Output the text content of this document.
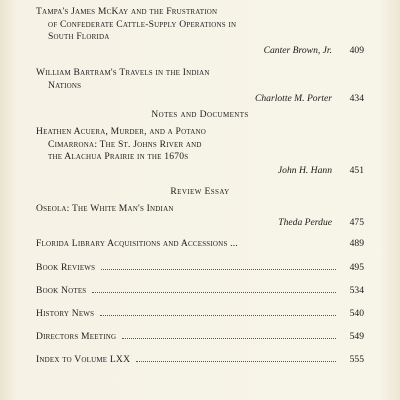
Tampa's James McKay and the Frustration
of Confederate Cattle-Supply Operations in
South Florida
Canter Brown, Jr. 409
William Bartram's Travels in the Indian
Nations
Charlotte M. Porter 434
Notes and Documents
Heathen Acuera, Murder, and a Potano
Cimarrona: The St. Johns River and
the Alachua Prairie in the 1670s
John H. Hann 451
Review Essay
Oseola: The White Man's Indian
Theda Perdue 475
Florida Library Acquisitions and Accessions ...	489
Book Reviews	495
Book Notes	534
History News	540
Directors Meeting	549
Index to Volume LXX	555
